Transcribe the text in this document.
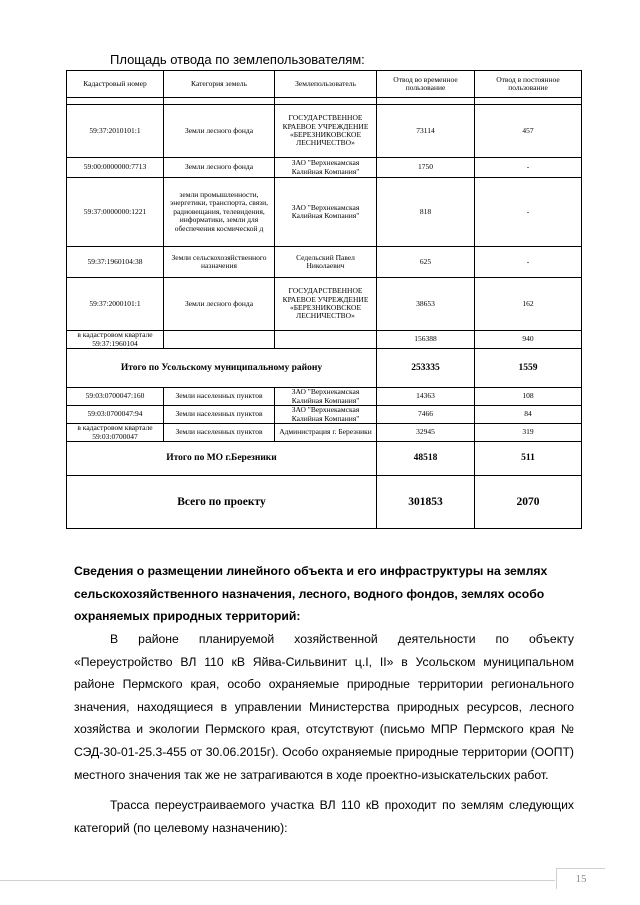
Площадь отвода по землепользователям:
Кадастровый номер	Категория земель	Землепользователь	Отвод во временное пользование	Отвод в постоянное пользование

59:37:2010101:1	Земли лесного фонда	ГОСУДАРСТВЕННОЕ КРАЕВОЕ УЧРЕЖДЕНИЕ «БЕРЕЗНИКОВСКОЕ ЛЕСНИЧЕСТВО»	73114	457
59:00:0000000:7713	Земли лесного фонда	ЗАО "Верхнекамская Калийная Компания"	1750	-
59:37:0000000:1221	земли промышленности, энергетики, транспорта, связи, радиовещания, телевидения, информатики, земли для обеспечения космической д	ЗАО "Верхнекамская Калийная Компания"	818	-
59:37:1960104:38	Земли сельскохозяйственного назначения	Седельский Павел Николаевич	625	-
59:37:2000101:1	Земли лесного фонда	ГОСУДАРСТВЕННОЕ КРАЕВОЕ УЧРЕЖДЕНИЕ «БЕРЕЗНИКОВСКОЕ ЛЕСНИЧЕСТВО»	38653	162
в кадастровом квартале 59:37:1960104			156388	940
Итого по Усольскому муниципальному району			253335	1559
59:03:0700047:160	Земли населенных пунктов	ЗАО "Верхнекамская Калийная Компания"	14363	108
59:03:0700047:94	Земли населенных пунктов	ЗАО "Верхнекамская Калийная Компания"	7466	84
в кадастровом квартале 59:03:0700047	Земли населенных пунктов	Администрация г. Березники	32945	319
Итого по МО г.Березники			48518	511
Всего по проекту			301853	2070
Сведения о размещении линейного объекта и его инфраструктуры на землях сельскохозяйственного назначения, лесного, водного фондов, землях особо охраняемых природных территорий:
В районе планируемой хозяйственной деятельности по объекту «Переустройство ВЛ 110 кВ Яйва-Сильвинит ц.I, II» в Усольском муниципальном районе Пермского края, особо охраняемые природные территории регионального значения, находящиеся в управлении Министерства природных ресурсов, лесного хозяйства и экологии Пермского края, отсутствуют (письмо МПР Пермского края № СЭД-30-01-25.3-455 от 30.06.2015г). Особо охраняемые природные территории (ООПТ) местного значения так же не затрагиваются в ходе проектно-изыскательских работ.
Трасса переустраиваемого участка ВЛ 110 кВ проходит по землям следующих категорий (по целевому назначению):
15
